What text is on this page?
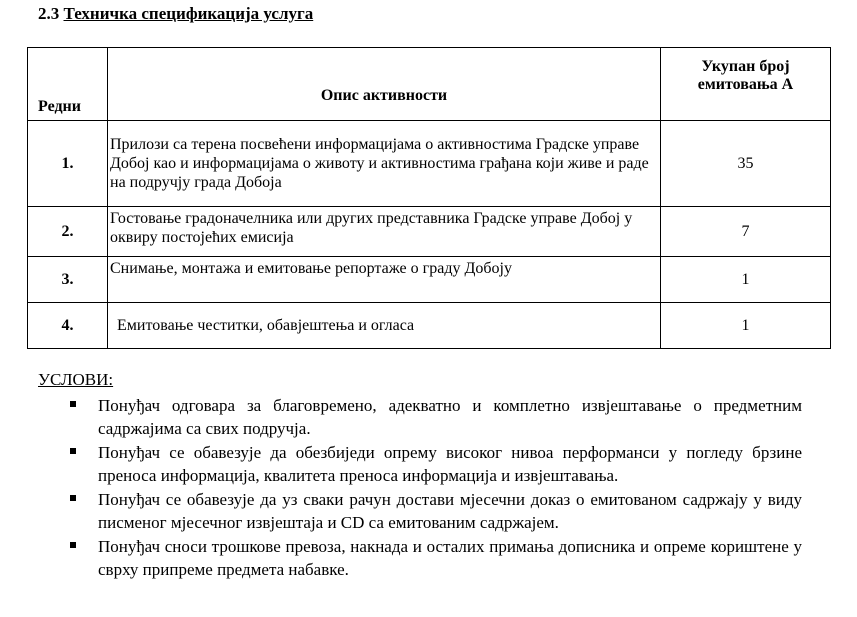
2.3 Техничка спецификација услуга
Редни	Опис активности	Укупан број емитовања А
1.	Прилози са терена посвећени информацијама о активностима Градске управе Добој као и информацијама о животу и активностима грађана који живе и раде на подручју града Добоја	35
2.	Гостовање градоначелника или других представника Градске управе Добој у оквиру постојећих емисија	7
3.	Снимање, монтажа и емитовање репортаже о граду Добоју	1
4.	Емитовање честитки, обавјештења и огласа	1
УСЛОВИ:
Понуђач одговара за благовремено, адекватно и комплетно извјештавање о предметним садржајима са свих подручја.
Понуђач се обавезује да обезбиједи опрему високог нивоа перформанси у погледу брзине преноса информација, квалитета преноса информација и извјештавања.
Понуђач се обавезује да уз сваки рачун достави мјесечни доказ о емитованом садржају у виду писменог мјесечног извјештаја и CD са емитованим садржајем.
Понуђач сноси трошкове превоза, накнада и осталих примања дописника и опреме кориштене у сврху припреме предмета набавке.
